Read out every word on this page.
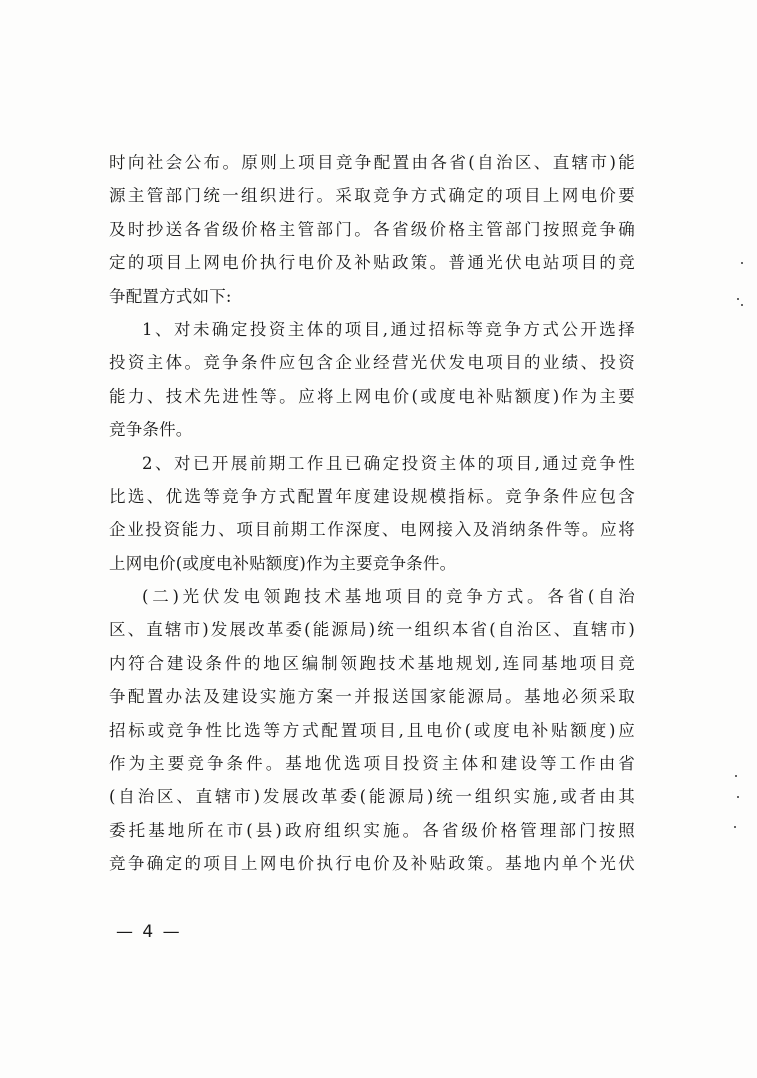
时向社会公布。原则上项目竞争配置由各省(自治区、直辖市)能
源主管部门统一组织进行。采取竞争方式确定的项目上网电价要
及时抄送各省级价格主管部门。各省级价格主管部门按照竞争确
定的项目上网电价执行电价及补贴政策。普通光伏电站项目的竞
争配置方式如下:
1、对未确定投资主体的项目,通过招标等竞争方式公开选择
投资主体。竞争条件应包含企业经营光伏发电项目的业绩、投资
能力、技术先进性等。应将上网电价(或度电补贴额度)作为主要
竞争条件。
2、对已开展前期工作且已确定投资主体的项目,通过竞争性
比选、优选等竞争方式配置年度建设规模指标。竞争条件应包含
企业投资能力、项目前期工作深度、电网接入及消纳条件等。应将
上网电价(或度电补贴额度)作为主要竞争条件。
(二)光伏发电领跑技术基地项目的竞争方式。各省(自治
区、直辖市)发展改革委(能源局)统一组织本省(自治区、直辖市)
内符合建设条件的地区编制领跑技术基地规划,连同基地项目竞
争配置办法及建设实施方案一并报送国家能源局。基地必须采取
招标或竞争性比选等方式配置项目,且电价(或度电补贴额度)应
作为主要竞争条件。基地优选项目投资主体和建设等工作由省
(自治区、直辖市)发展改革委(能源局)统一组织实施,或者由其
委托基地所在市(县)政府组织实施。各省级价格管理部门按照
竞争确定的项目上网电价执行电价及补贴政策。基地内单个光伏
— 4 —
